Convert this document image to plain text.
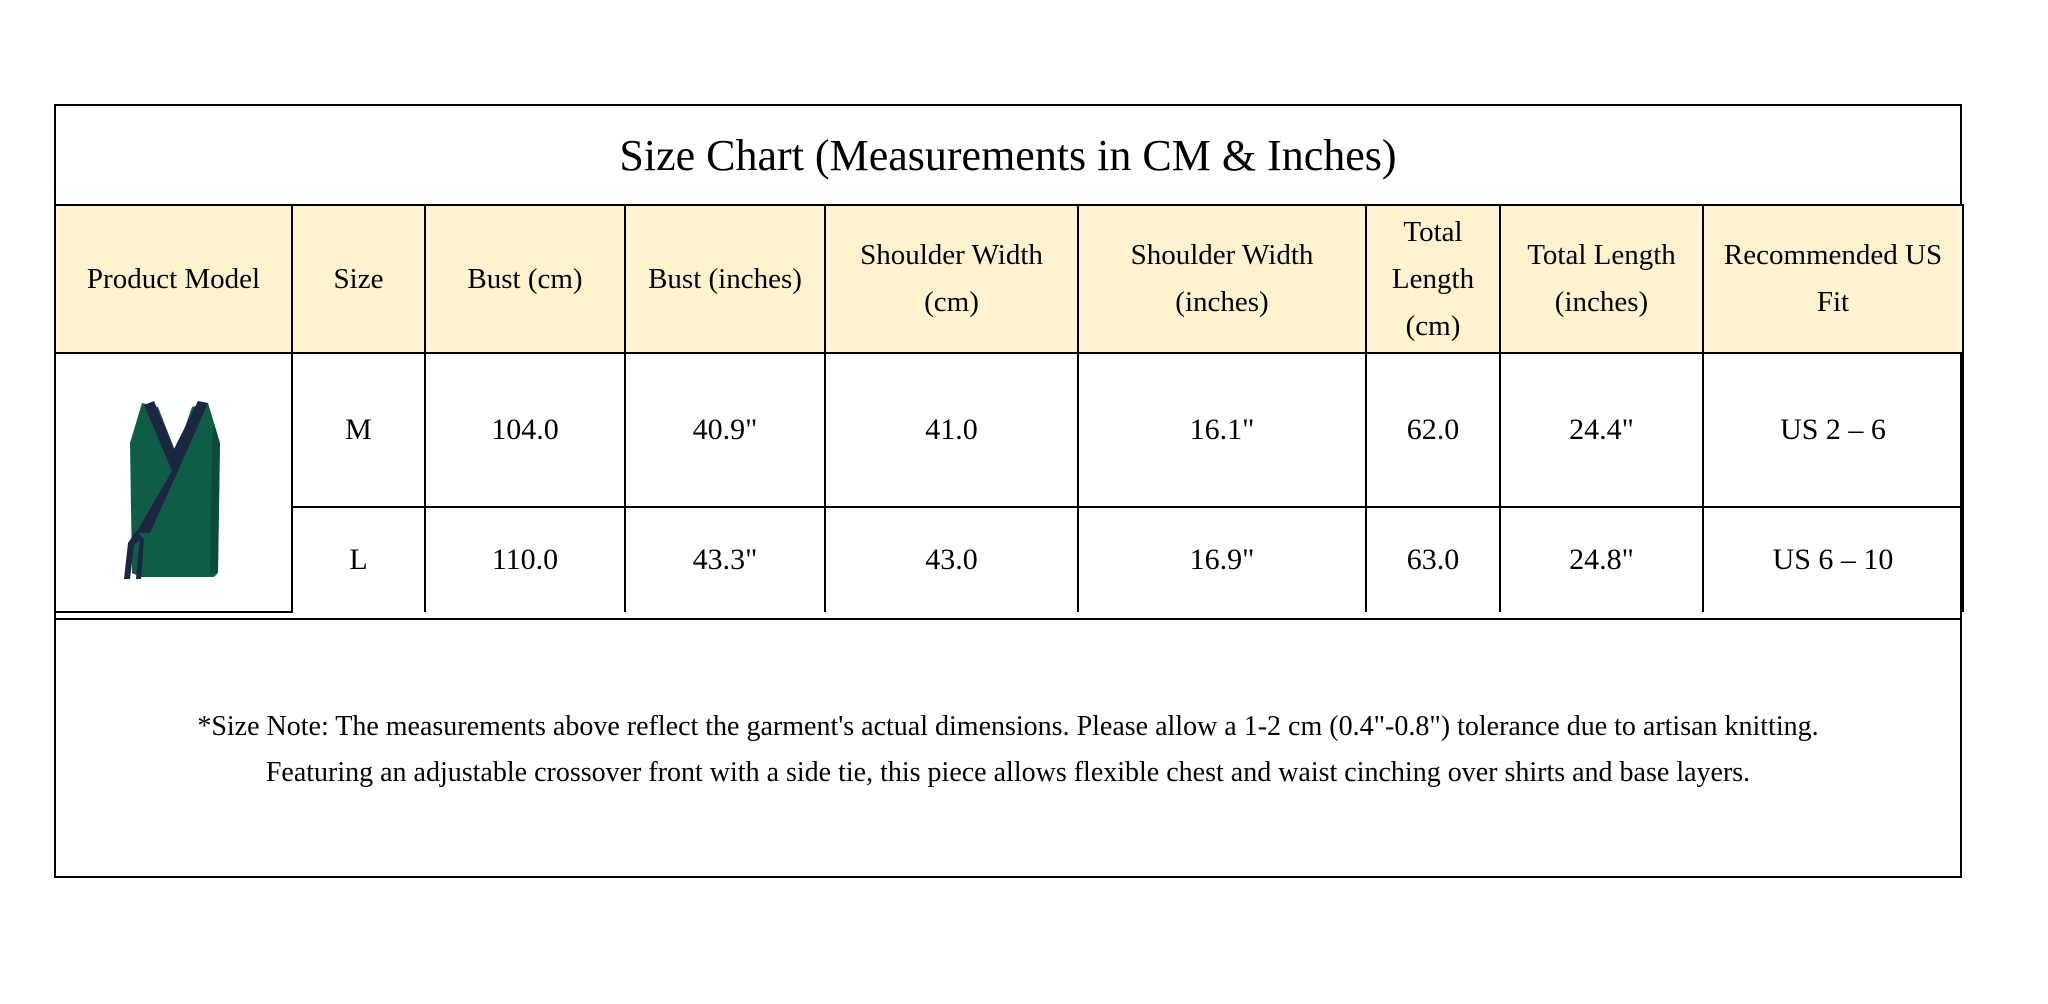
Size Chart (Measurements in CM & Inches)
Product Model	Size	Bust (cm)	Bust (inches)	Shoulder Width (cm)	Shoulder Width (inches)	Total Length (cm)	Total Length (inches)	Recommended US Fit

	M	104.0	40.9"	41.0	16.1"	62.0	24.4"	US 2 – 6
	L	110.0	43.3"	43.0	16.9"	63.0	24.8"	US 6 – 10
*Size Note: The measurements above reflect the garment's actual dimensions. Please allow a 1-2 cm (0.4"-0.8") tolerance due to artisan knitting.
Featuring an adjustable crossover front with a side tie, this piece allows flexible chest and waist cinching over shirts and base layers.
